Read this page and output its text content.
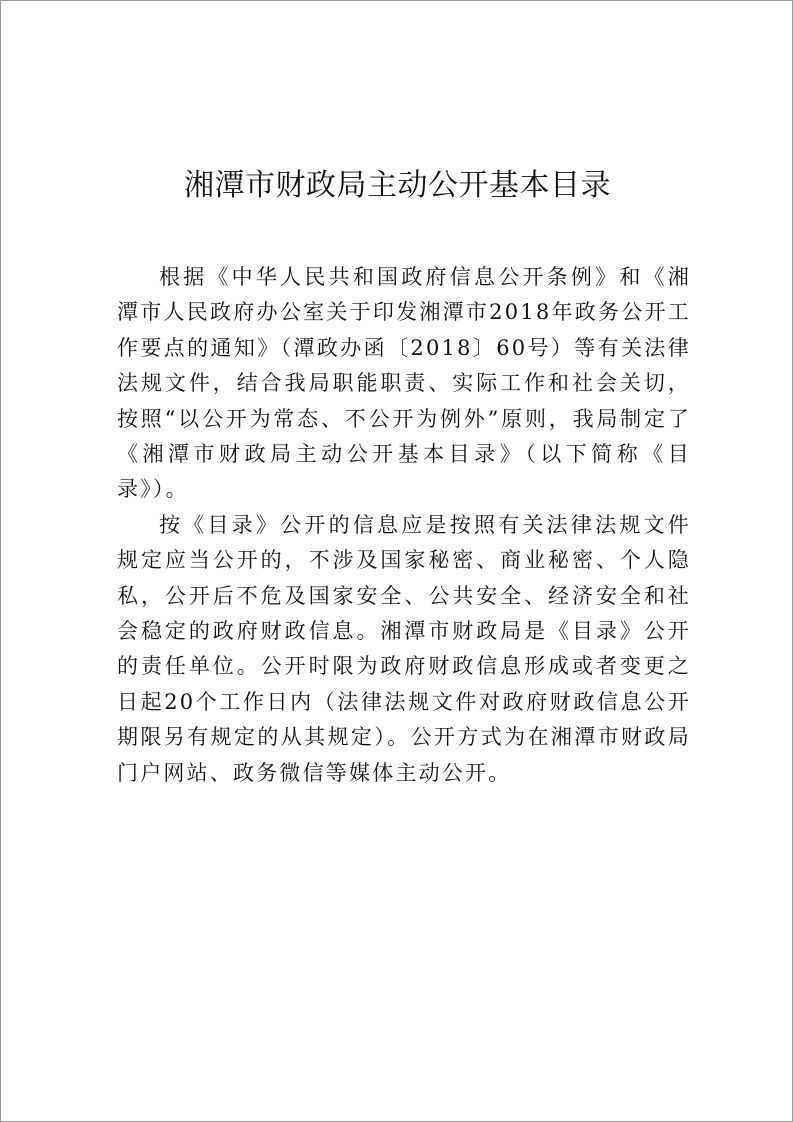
湘潭市财政局主动公开基本目录

根据《中华人民共和国政府信息公开条例》和《湘潭市人民政府办公室关于印发湘潭市2018年政务公开工作要点的通知》（潭政办函〔2018〕60号）等有关法律法规文件，结合我局职能职责、实际工作和社会关切，按照“以公开为常态、不公开为例外”原则，我局制定了《湘潭市财政局主动公开基本目录》（以下简称《目录》）。

按《目录》公开的信息应是按照有关法律法规文件规定应当公开的，不涉及国家秘密、商业秘密、个人隐私，公开后不危及国家安全、公共安全、经济安全和社会稳定的政府财政信息。湘潭市财政局是《目录》公开的责任单位。公开时限为政府财政信息形成或者变更之日起20个工作日内（法律法规文件对政府财政信息公开期限另有规定的从其规定）。公开方式为在湘潭市财政局门户网站、政务微信等媒体主动公开。
